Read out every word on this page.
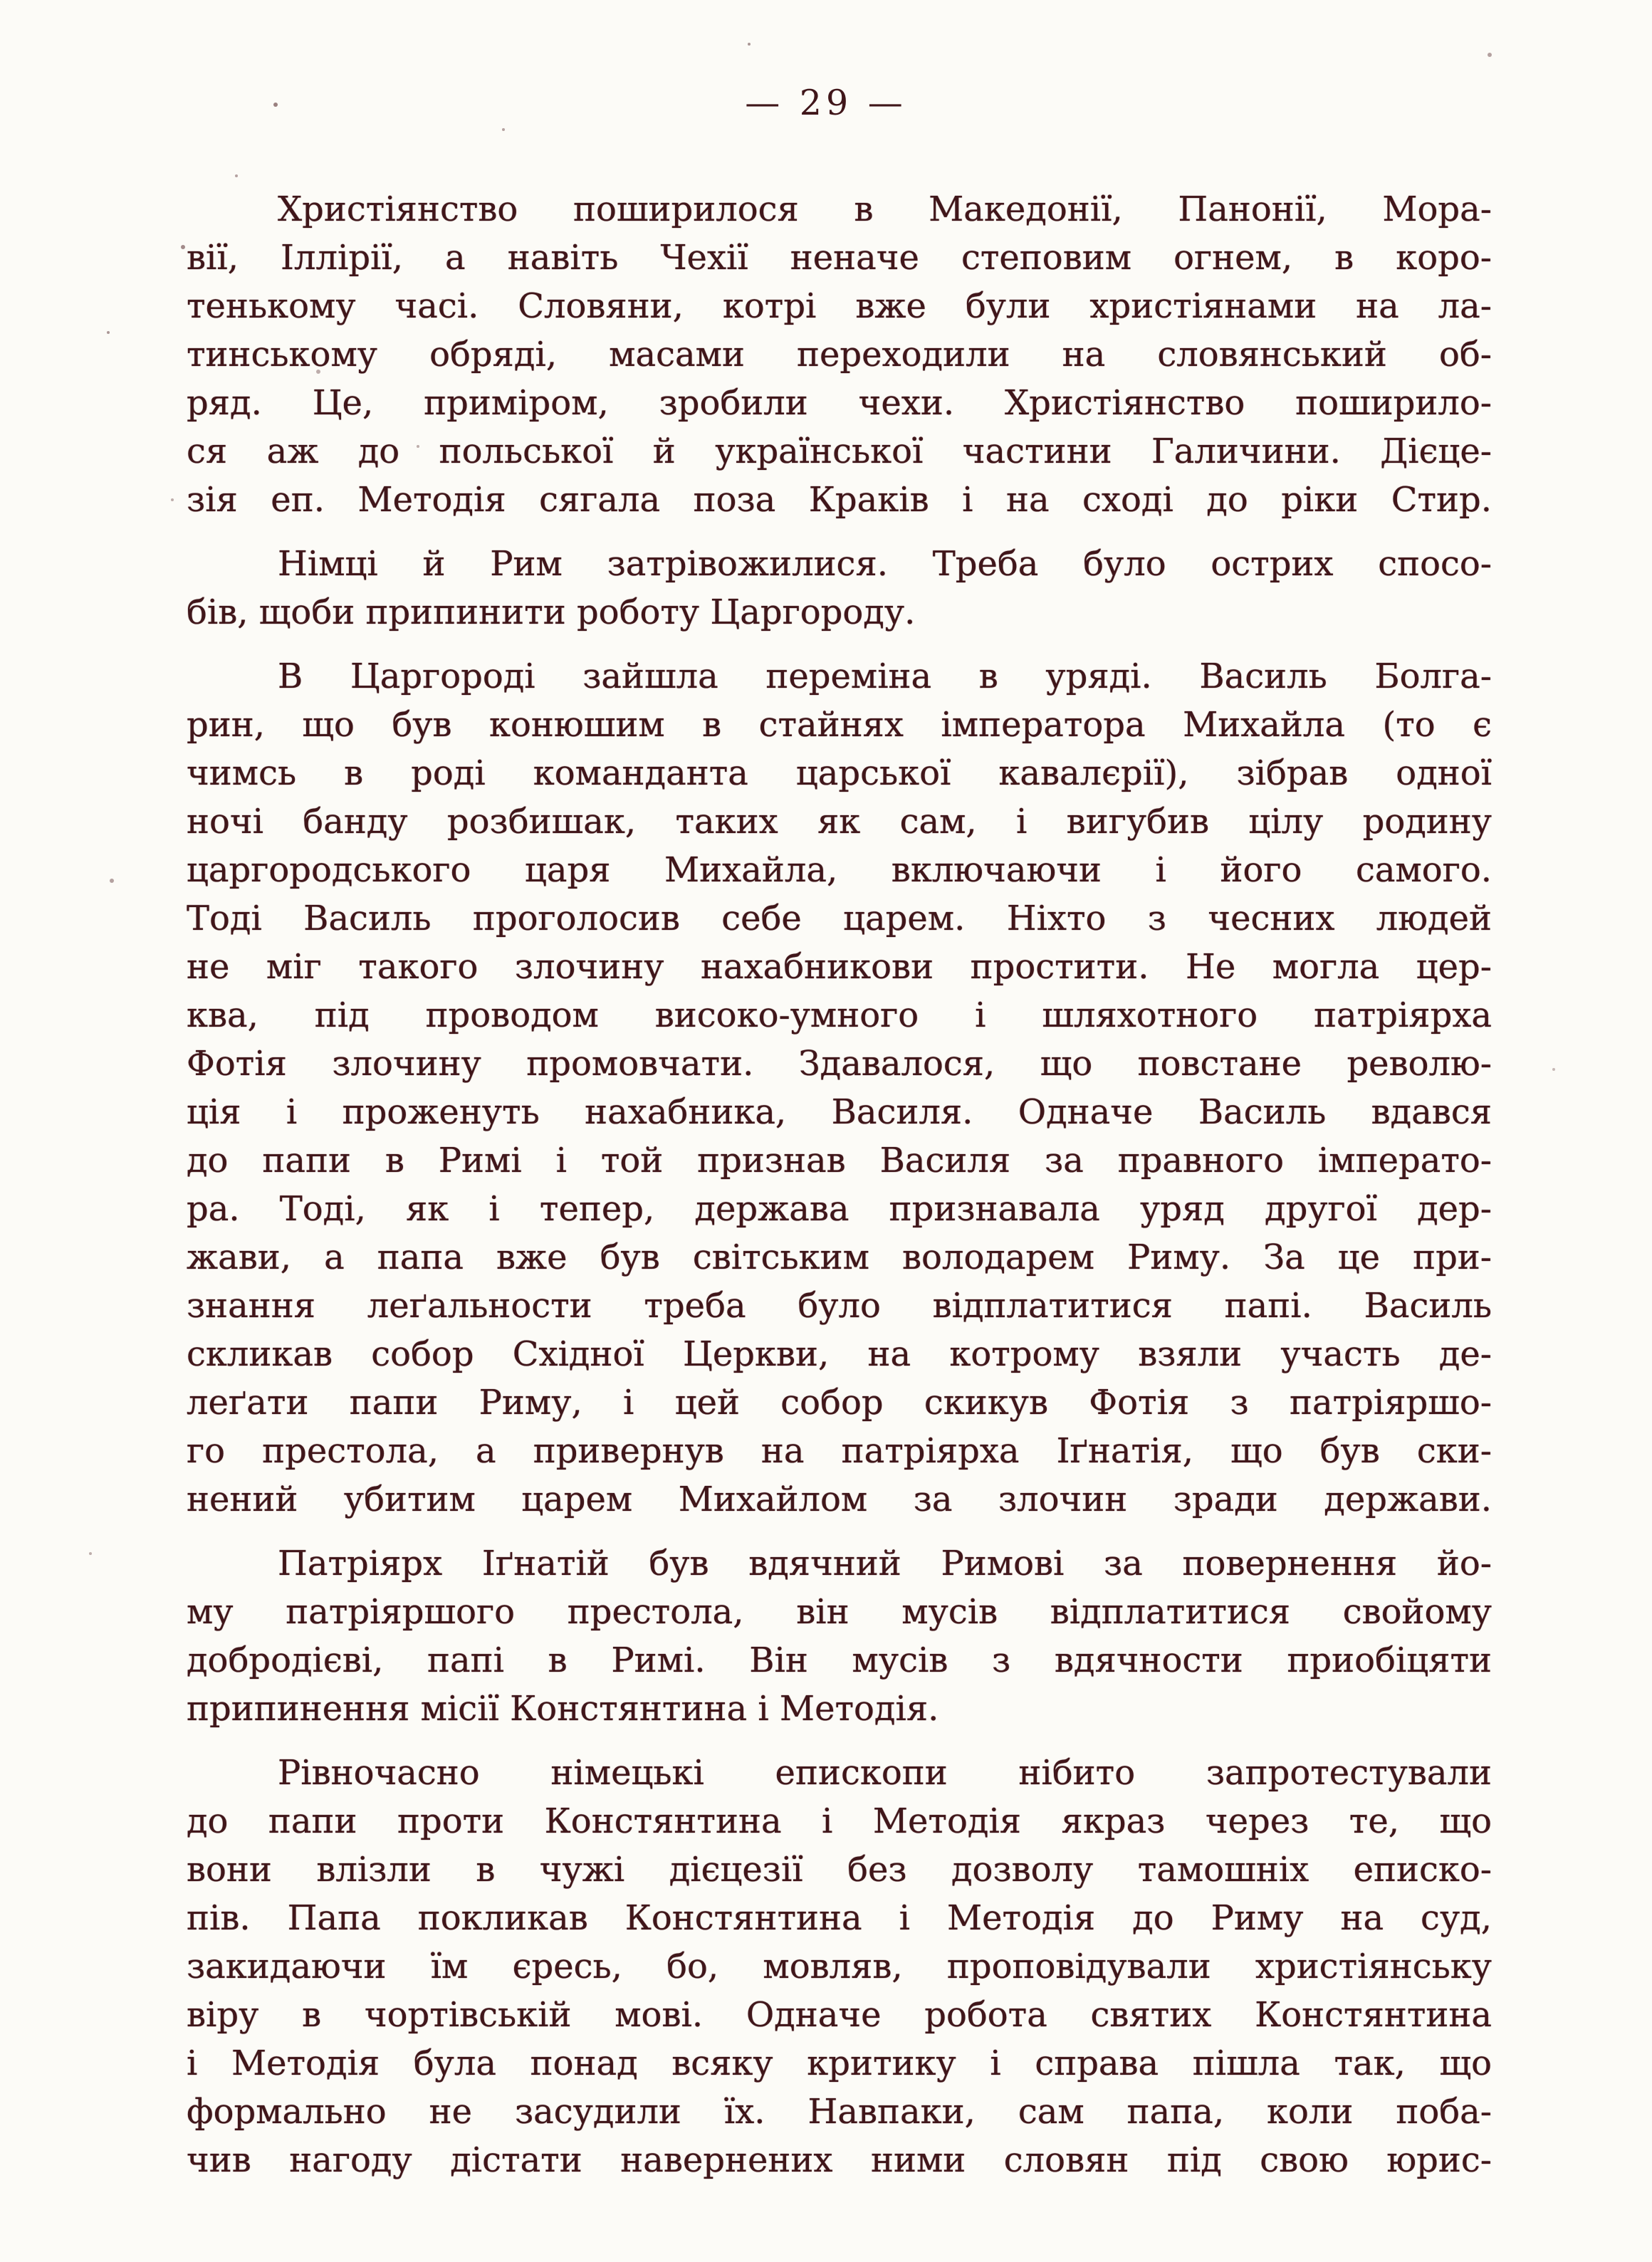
— 29 —
Христіянство поширилося в Македонії, Панонії, Мора-
вії, Іллірії, а навіть Чехії неначе степовим огнем, в коро-
тенькому часі. Словяни, котрі вже були христіянами на ла-
тинському обряді, масами переходили на словянський об-
ряд. Це, приміром, зробили чехи. Христіянство поширило-
ся аж до польської й української частини Галичини. Дієце-
зія еп. Методія сягала поза Краків і на сході до ріки Стир.
Німці й Рим затрівожилися. Треба було острих спосо-
бів, щоби припинити роботу Царгороду.
В Царгороді зайшла переміна в уряді. Василь Болга-
рин, що був конюшим в стайнях імператора Михайла (то є
чимсь в роді команданта царської кавалєрії), зібрав одної
ночі банду розбишак, таких як сам, і вигубив цілу родину
царгородського царя Михайла, включаючи і його самого.
Тоді Василь проголосив себе царем. Ніхто з чесних людей
не міг такого злочину нахабникови простити. Не могла цер-
ква, під проводом високо-умного і шляхотного патріярха
Фотія злочину промовчати. Здавалося, що повстане револю-
ція і проженуть нахабника, Василя. Одначе Василь вдався
до папи в Римі і той признав Василя за правного імперато-
ра. Тоді, як і тепер, держава признавала уряд другої дер-
жави, а папа вже був світським володарем Риму. За це при-
знання леґальности треба було відплатитися папі. Василь
скликав собор Східної Церкви, на котрому взяли участь де-
леґати папи Риму, і цей собор скикув Фотія з патріяршо-
го престола, а привернув на патріярха Іґнатія, що був ски-
нений убитим царем Михайлом за злочин зради держави.
Патріярх Іґнатій був вдячний Римові за повернення йо-
му патріяршого престола, він мусів відплатитися свойому
добродієві, папі в Римі. Він мусів з вдячности приобіцяти
припинення місії Констянтина і Методія.
Рівночасно німецькі епископи нібито запротестували
до папи проти Констянтина і Методія якраз через те, що
вони влізли в чужі дієцезії без дозволу тамошніх еписко-
пів. Папа покликав Констянтина і Методія до Риму на суд,
закидаючи їм єресь, бо, мовляв, проповідували христіянську
віру в чортівській мові. Одначе робота святих Констянтина
і Методія була понад всяку критику і справа пішла так, що
формально не засудили їх. Навпаки, сам папа, коли поба-
чив нагоду дістати навернених ними словян під свою юрис-
